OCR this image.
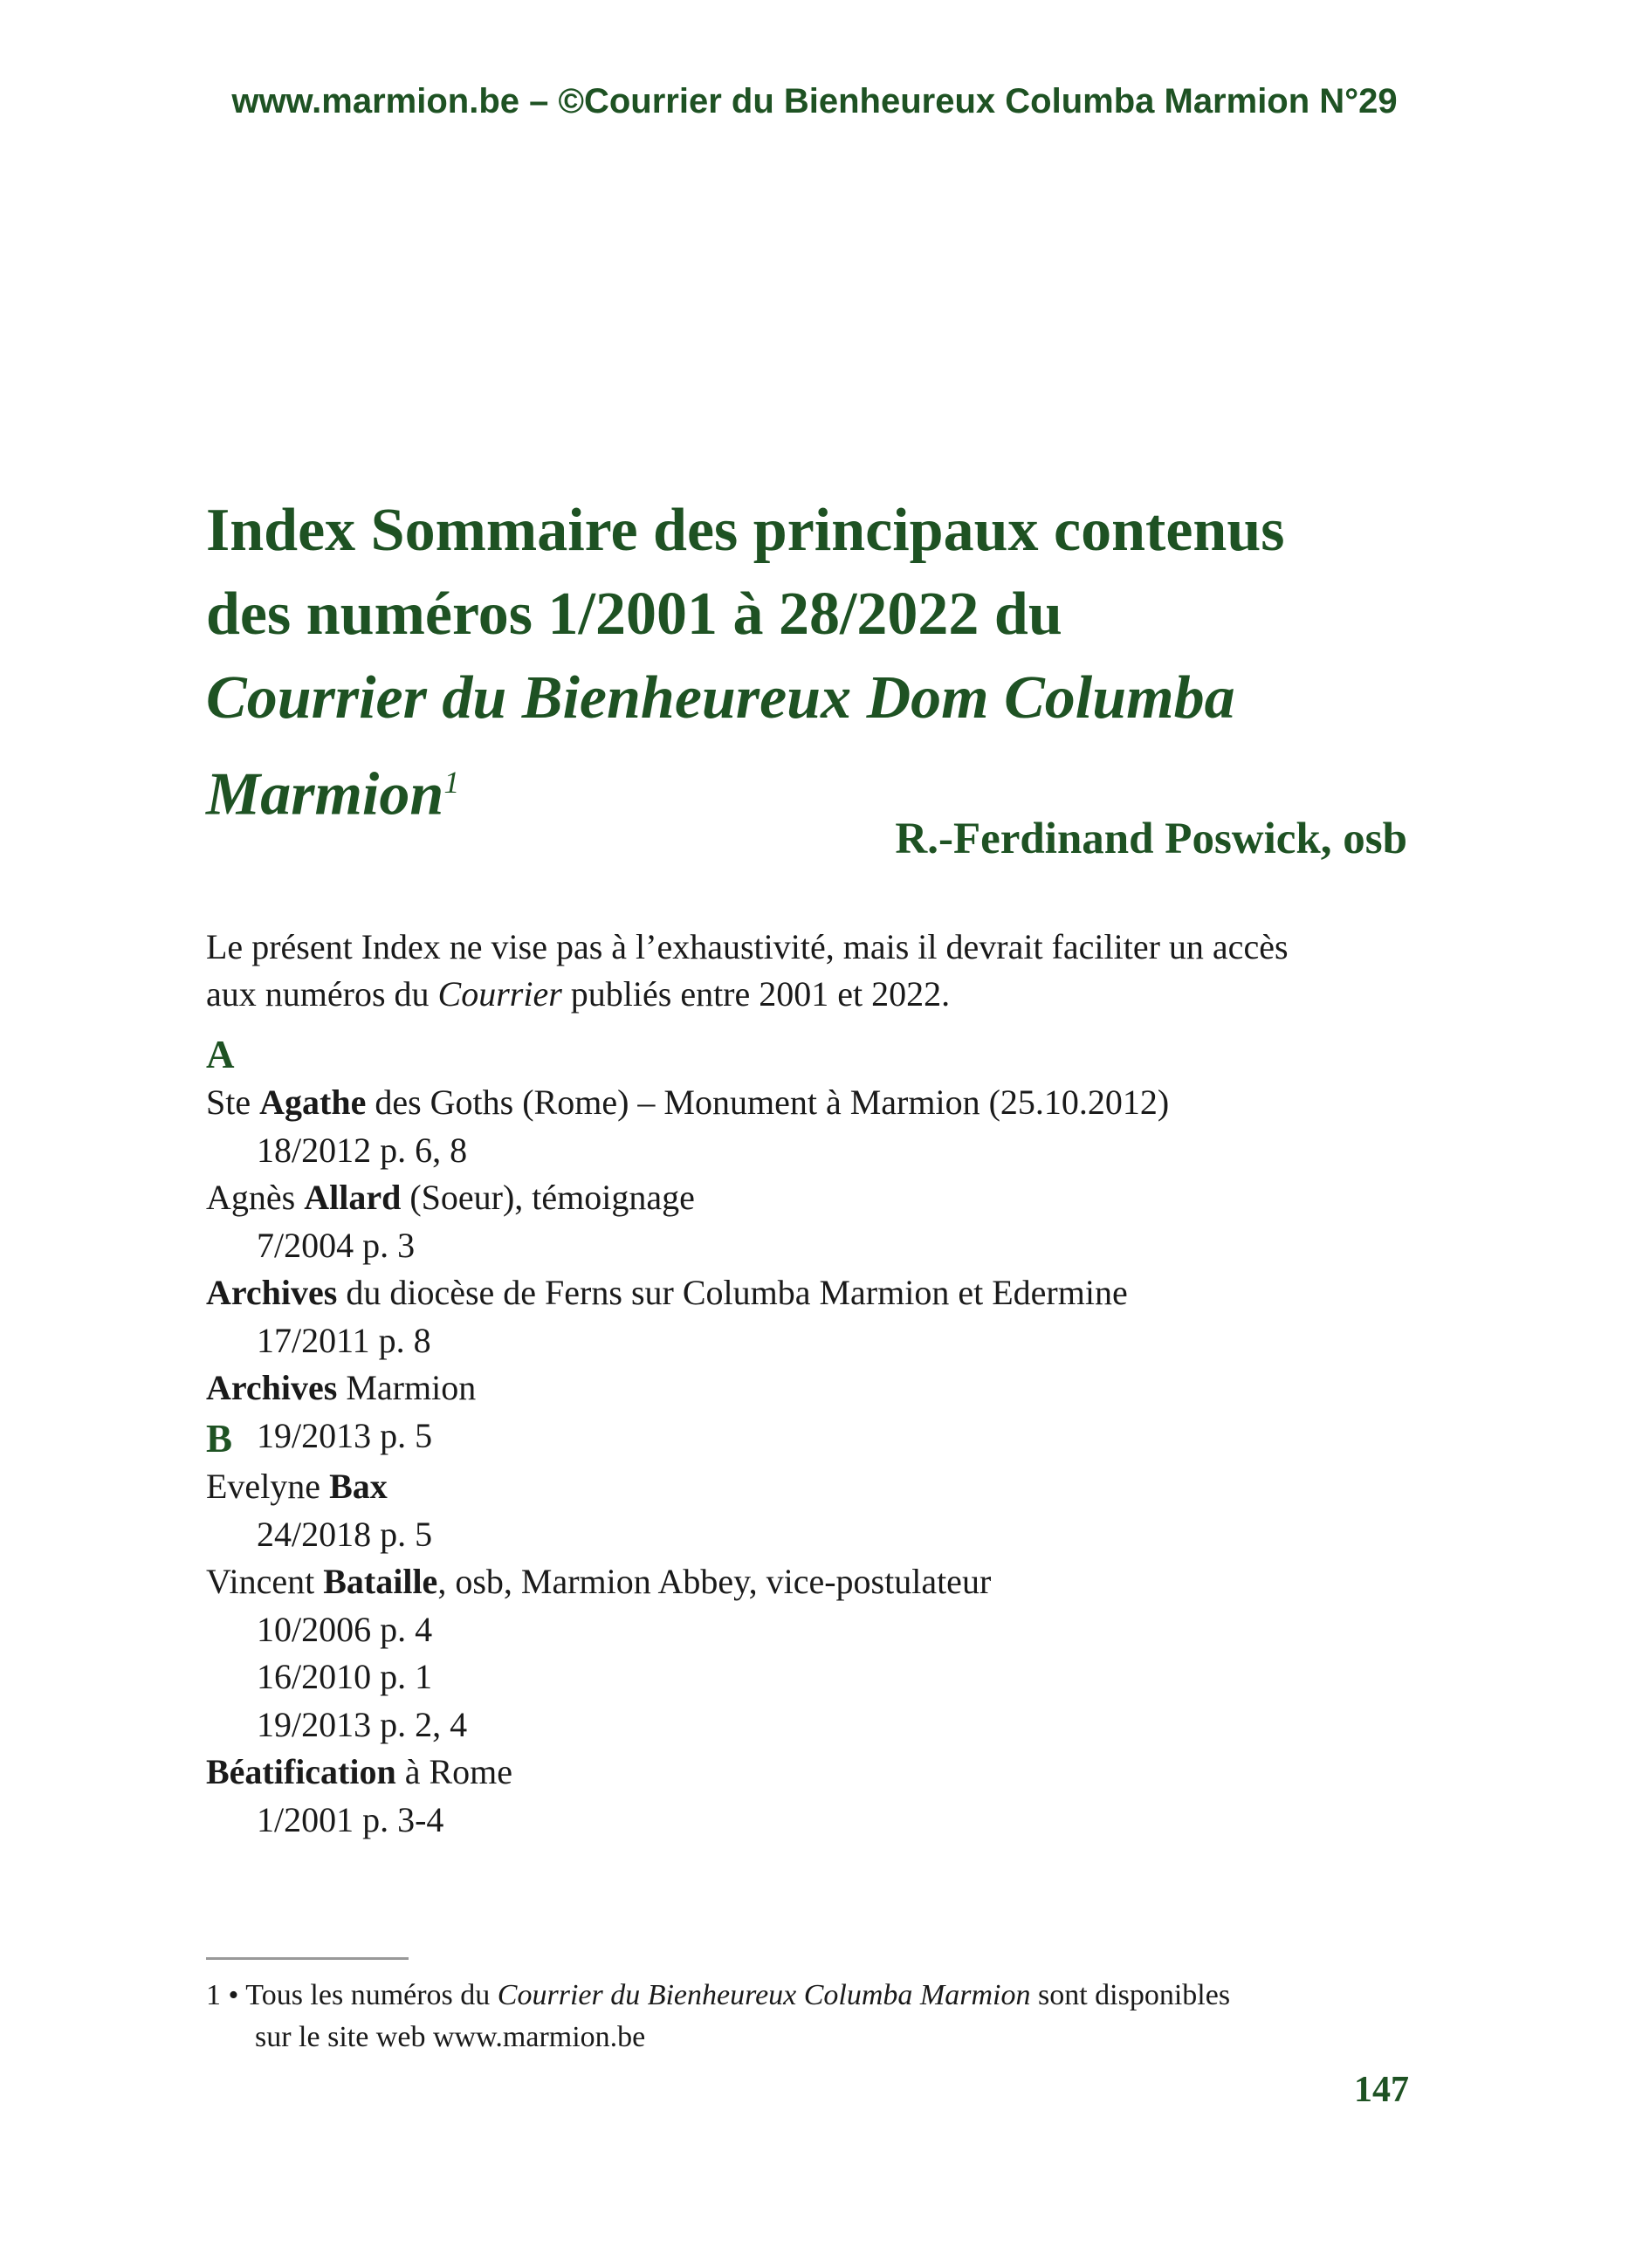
www.marmion.be – ©Courrier du Bienheureux Columba Marmion N°29
Index Sommaire des principaux contenus
des numéros 1/2001 à 28/2022 du
Courrier du Bienheureux Dom Columba
Marmion$^1$
R.-Ferdinand Poswick, osb

Le présent Index ne vise pas à l’exhaustivité, mais il devrait faciliter un accès

aux numéros du Courrier publiés entre 2001 et 2022.

A
Ste Agathe des Goths (Rome) – Monument à Marmion (25.10.2012)
18/2012 p. 6, 8
Agnès Allard (Soeur), témoignage
7/2004 p. 3
Archives du diocèse de Ferns sur Columba Marmion et Edermine
17/2011 p. 8
Archives Marmion
19/2013 p. 5
B
Evelyne Bax
24/2018 p. 5
Vincent Bataille, osb, Marmion Abbey, vice-postulateur
10/2006 p. 4
16/2010 p. 1
19/2013 p. 2, 4
Béatification à Rome
1/2001 p. 3-4
1 • Tous les numéros du Courrier du Bienheureux Columba Marmion sont disponibles
sur le site web www.marmion.be
147
